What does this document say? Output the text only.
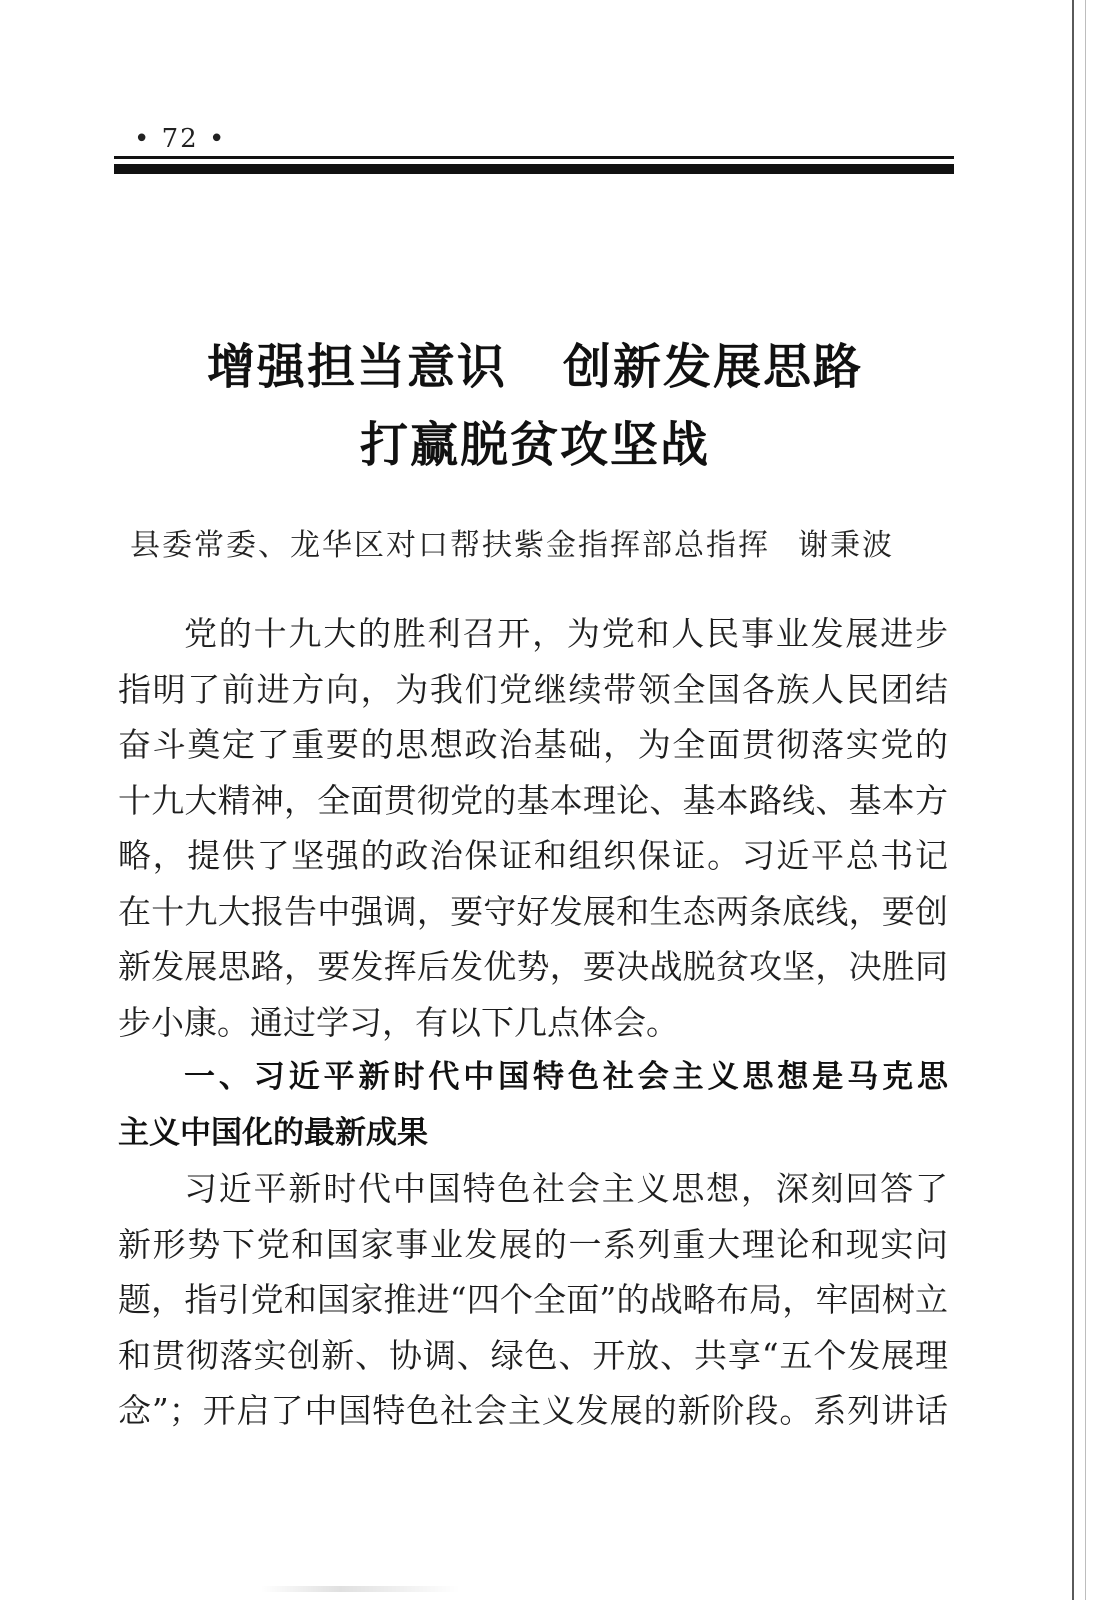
• 72 •
增强担当意识 创新发展思路
打赢脱贫攻坚战
县委常委、龙华区对口帮扶紫金指挥部总指挥 谢秉波
党的十九大的胜利召开，为党和人民事业发展进步
指明了前进方向，为我们党继续带领全国各族人民团结
奋斗奠定了重要的思想政治基础，为全面贯彻落实党的
十九大精神，全面贯彻党的基本理论、基本路线、基本方
略，提供了坚强的政治保证和组织保证。习近平总书记
在十九大报告中强调，要守好发展和生态两条底线，要创
新发展思路，要发挥后发优势，要决战脱贫攻坚，决胜同
步小康。通过学习，有以下几点体会。
一、习近平新时代中国特色社会主义思想是马克思
主义中国化的最新成果
习近平新时代中国特色社会主义思想，深刻回答了
新形势下党和国家事业发展的一系列重大理论和现实问
题，指引党和国家推进“四个全面”的战略布局，牢固树立
和贯彻落实创新、协调、绿色、开放、共享“五个发展理
念”；开启了中国特色社会主义发展的新阶段。系列讲话
